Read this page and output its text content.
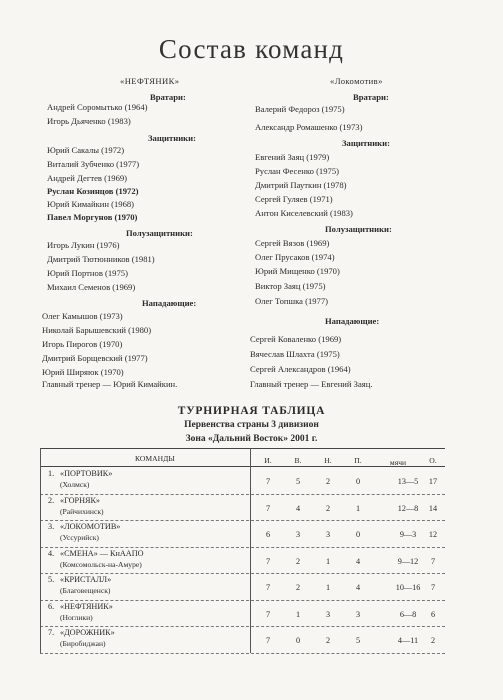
Состав команд
«НЕФТЯНИК»
Вратари:
Андрей Соромытько (1964)
Игорь Дьяченко (1983)
Защитники:
Юрий Сакалы (1972)
Виталий Зубченко (1977)
Андрей Дегтев (1969)
Руслан Козинцов (1972)
Юрий Кимайкин (1968)
Павел Моргунов (1970)
Полузащитники:
Игорь Лукин (1976)
Дмитрий Тютюнников (1981)
Юрий Портнов (1975)
Михаил Семенов (1969)
Нападающие:
Олег Камышов (1973)
Николай Барышевский (1980)
Игорь Пирогов (1970)
Дмитрий Борщевский (1977)
Юрий Ширяюк (1970)
Главный тренер — Юрий Кимайкин.
«Локомотив»
Вратари:
Валерий Федороз (1975)
Александр Ромашенко (1973)
Защитники:
Евгений Заяц (1979)
Руслан Фесенко (1975)
Дмитрий Пауткин (1978)
Сергей Гуляев (1971)
Антон Киселевский (1983)
Полузащитники:
Сергей Вязов (1969)
Олег Прусаков (1974)
Юрий Мищенко (1970)
Виктор Заяц (1975)
Олег Топшка (1977)
Нападающие:
Сергей Коваленко (1969)
Вячеслав Шлахта (1975)
Сергей Александров (1964)
Главный тренер — Евгений Заяц.
ТУРНИРНАЯ ТАБЛИЦА
Первенства страны 3 дивизион
Зона «Дальний Восток» 2001 г.
КОМАНДЫ	И.	В.	Н.	П.	мячи	О.
1. «ПОРТОВИК»
(Холмск)	7	5	2	0	13—5	17
2. «ГОРНЯК»
(Райчихинск)	7	4	2	1	12—8	14
3. «ЛОКОМОТИВ»
(Уссурийск)	6	3	3	0	9—3	12
4. «СМЕНА» — КнААПО
(Комсомольск-на-Амуре)	7	2	1	4	9—12	7
5. «КРИСТАЛЛ»
(Благовещенск)	7	2	1	4	10—16	7
6. «НЕФТЯНИК»
(Ноглики)	7	1	3	3	6—8	6
7. «ДОРОЖНИК»
(Биробиджан)	7	0	2	5	4—11	2
